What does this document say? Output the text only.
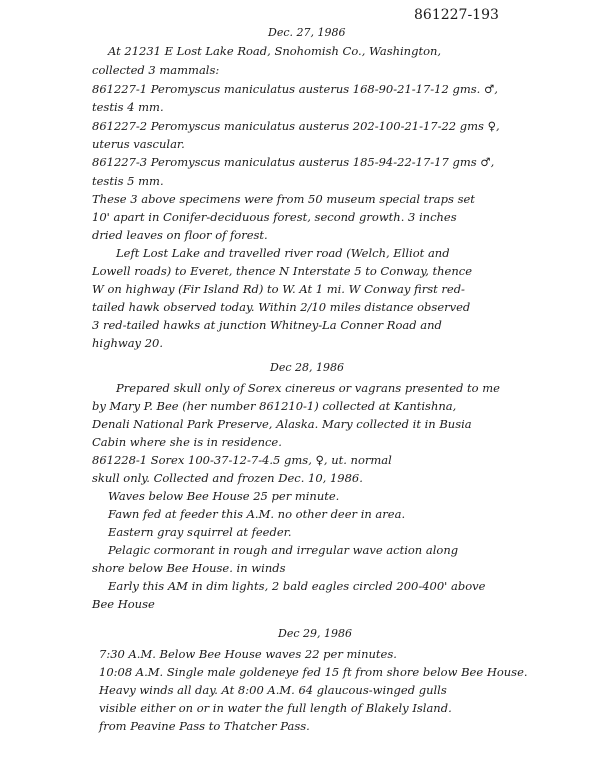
861227-193
Dec. 27, 1986
At 21231 E Lost Lake Road, Snohomish Co., Washington,
collected 3 mammals:
861227-1 Peromyscus maniculatus austerus 168-90-21-17-12 gms. ♂,
testis 4 mm.
861227-2 Peromyscus maniculatus austerus 202-100-21-17-22 gms ♀,
uterus vascular.
861227-3 Peromyscus maniculatus austerus 185-94-22-17-17 gms ♂,
testis 5 mm.
These 3 above specimens were from 50 museum special traps set
10' apart in Conifer-deciduous forest, second growth. 3 inches
dried leaves on floor of forest.
Left Lost Lake and travelled river road (Welch, Elliot and
Lowell roads) to Everet, thence N Interstate 5 to Conway, thence
W on highway (Fir Island Rd) to W. At 1 mi. W Conway first red-
tailed hawk observed today. Within 2/10 miles distance observed
3 red-tailed hawks at junction Whitney-La Conner Road and
highway 20.
Dec 28, 1986
Prepared skull only of Sorex cinereus or vagrans presented to me
by Mary P. Bee (her number 861210-1) collected at Kantishna,
Denali National Park Preserve, Alaska. Mary collected it in Busia
Cabin where she is in residence.
861228-1 Sorex 100-37-12-7-4.5 gms, ♀, ut. normal
skull only. Collected and frozen Dec. 10, 1986.
Waves below Bee House 25 per minute.
Fawn fed at feeder this A.M. no other deer in area.
Eastern gray squirrel at feeder.
Pelagic cormorant in rough and irregular wave action along
shore below Bee House. in winds
Early this AM in dim lights, 2 bald eagles circled 200-400' above
Bee House
Dec 29, 1986
7:30 A.M. Below Bee House waves 22 per minutes.
10:08 A.M. Single male goldeneye fed 15 ft from shore below Bee House.
Heavy winds all day. At 8:00 A.M. 64 glaucous-winged gulls
visible either on or in water the full length of Blakely Island.
from Peavine Pass to Thatcher Pass.
